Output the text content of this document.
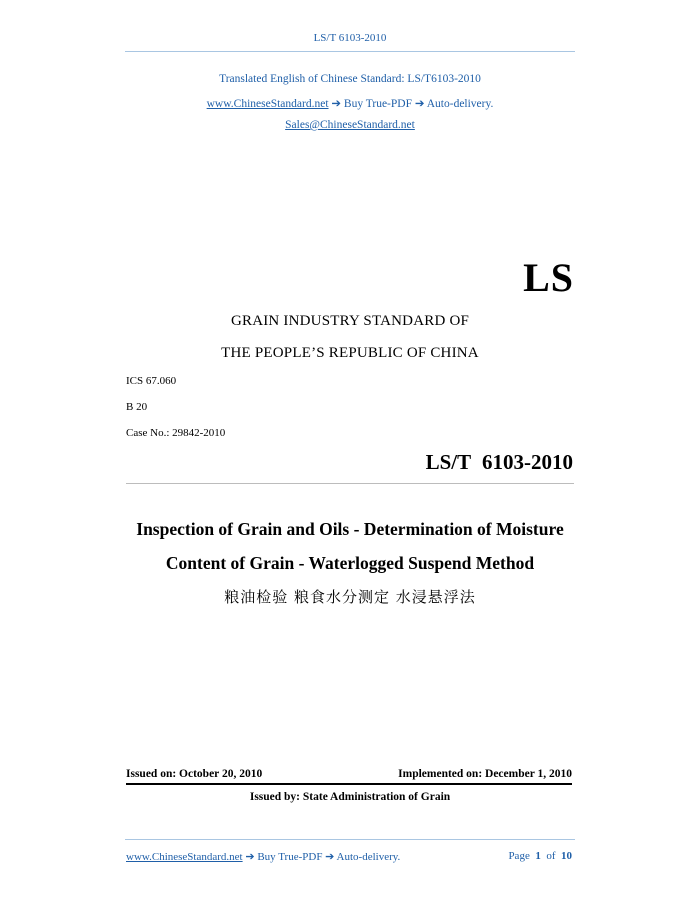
LS/T 6103-2010
Translated English of Chinese Standard: LS/T6103-2010
www.ChineseStandard.net ➔ Buy True-PDF ➔ Auto-delivery.
Sales@ChineseStandard.net
LS
GRAIN INDUSTRY STANDARD OF
THE PEOPLE’S REPUBLIC OF CHINA
ICS 67.060
B 20
Case No.: 29842-2010
LS/T 6103-2010
Inspection of Grain and Oils - Determination of Moisture
Content of Grain - Waterlogged Suspend Method
粮油检验 粮食水分测定 水浸悬浮法
Issued on: October 20, 2010	Implemented on: December 1, 2010
Issued by: State Administration of Grain
www.ChineseStandard.net ➔ Buy True-PDF ➔ Auto-delivery.	Page 1 of 10
